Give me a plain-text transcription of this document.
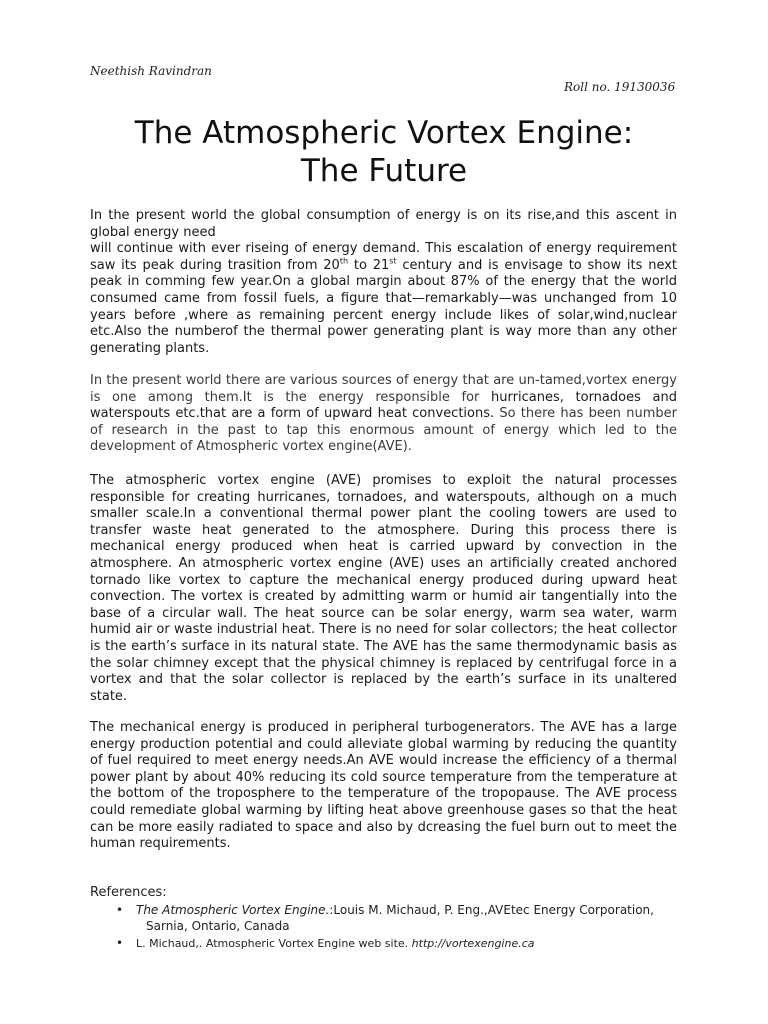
Neethish Ravindran
Roll no. 19130036
The Atmospheric Vortex Engine:
The Future

In the present world the global consumption of energy is on its rise,and this ascent in global energy need
will continue with ever riseing of energy demand. This escalation of energy requirement saw its peak during trasition from 20th to 21st century and is envisage to show its next peak in comming few year.On a global margin about 87% of the energy that the world consumed came from fossil fuels, a figure that—remarkably—was unchanged from 10 years before ,where as remaining percent energy include likes of solar,wind,nuclear etc.Also the numberof the thermal power generating plant is way more than any other generating plants.

In the present world there are various sources of energy that are un-tamed,vortex energy is one among them.It is the energy responsible for hurricanes, tornadoes and waterspouts etc.that are a form of upward heat convections. So there has been number of research in the past to tap this enormous amount of energy which led to the development of Atmospheric vortex engine(AVE).

The atmospheric vortex engine (AVE) promises to exploit the natural processes responsible for creating hurricanes, tornadoes, and waterspouts, although on a much smaller scale.In a conventional thermal power plant the cooling towers are used to transfer waste heat generated to the atmosphere. During this process there is mechanical energy produced when heat is carried upward by convection in the atmosphere. An atmospheric vortex engine (AVE) uses an artificially created anchored tornado like vortex to capture the mechanical energy produced during upward heat convection. The vortex is created by admitting warm or humid air tangentially into the base of a circular wall. The heat source can be solar energy, warm sea water, warm humid air or waste industrial heat. There is no need for solar collectors; the heat collector is the earth’s surface in its natural state. The AVE has the same thermodynamic basis as the solar chimney except that the physical chimney is replaced by centrifugal force in a vortex and that the solar collector is replaced by the earth’s surface in its unaltered state.

The mechanical energy is produced in peripheral turbogenerators. The AVE has a large energy production potential and could alleviate global warming by reducing the quantity of fuel required to meet energy needs.An AVE would increase the efficiency of a thermal power plant by about 40% reducing its cold source temperature from the temperature at the bottom of the troposphere to the temperature of the tropopause. The AVE process could remediate global warming by lifting heat above greenhouse gases so that the heat can be more easily radiated to space and also by dcreasing the fuel burn out to meet the human requirements.

References:
• The Atmospheric Vortex Engine.:Louis M. Michaud, P. Eng.,AVEtec Energy Corporation,
Sarnia, Ontario, Canada
• L. Michaud,. Atmospheric Vortex Engine web site. http://vortexengine.ca
